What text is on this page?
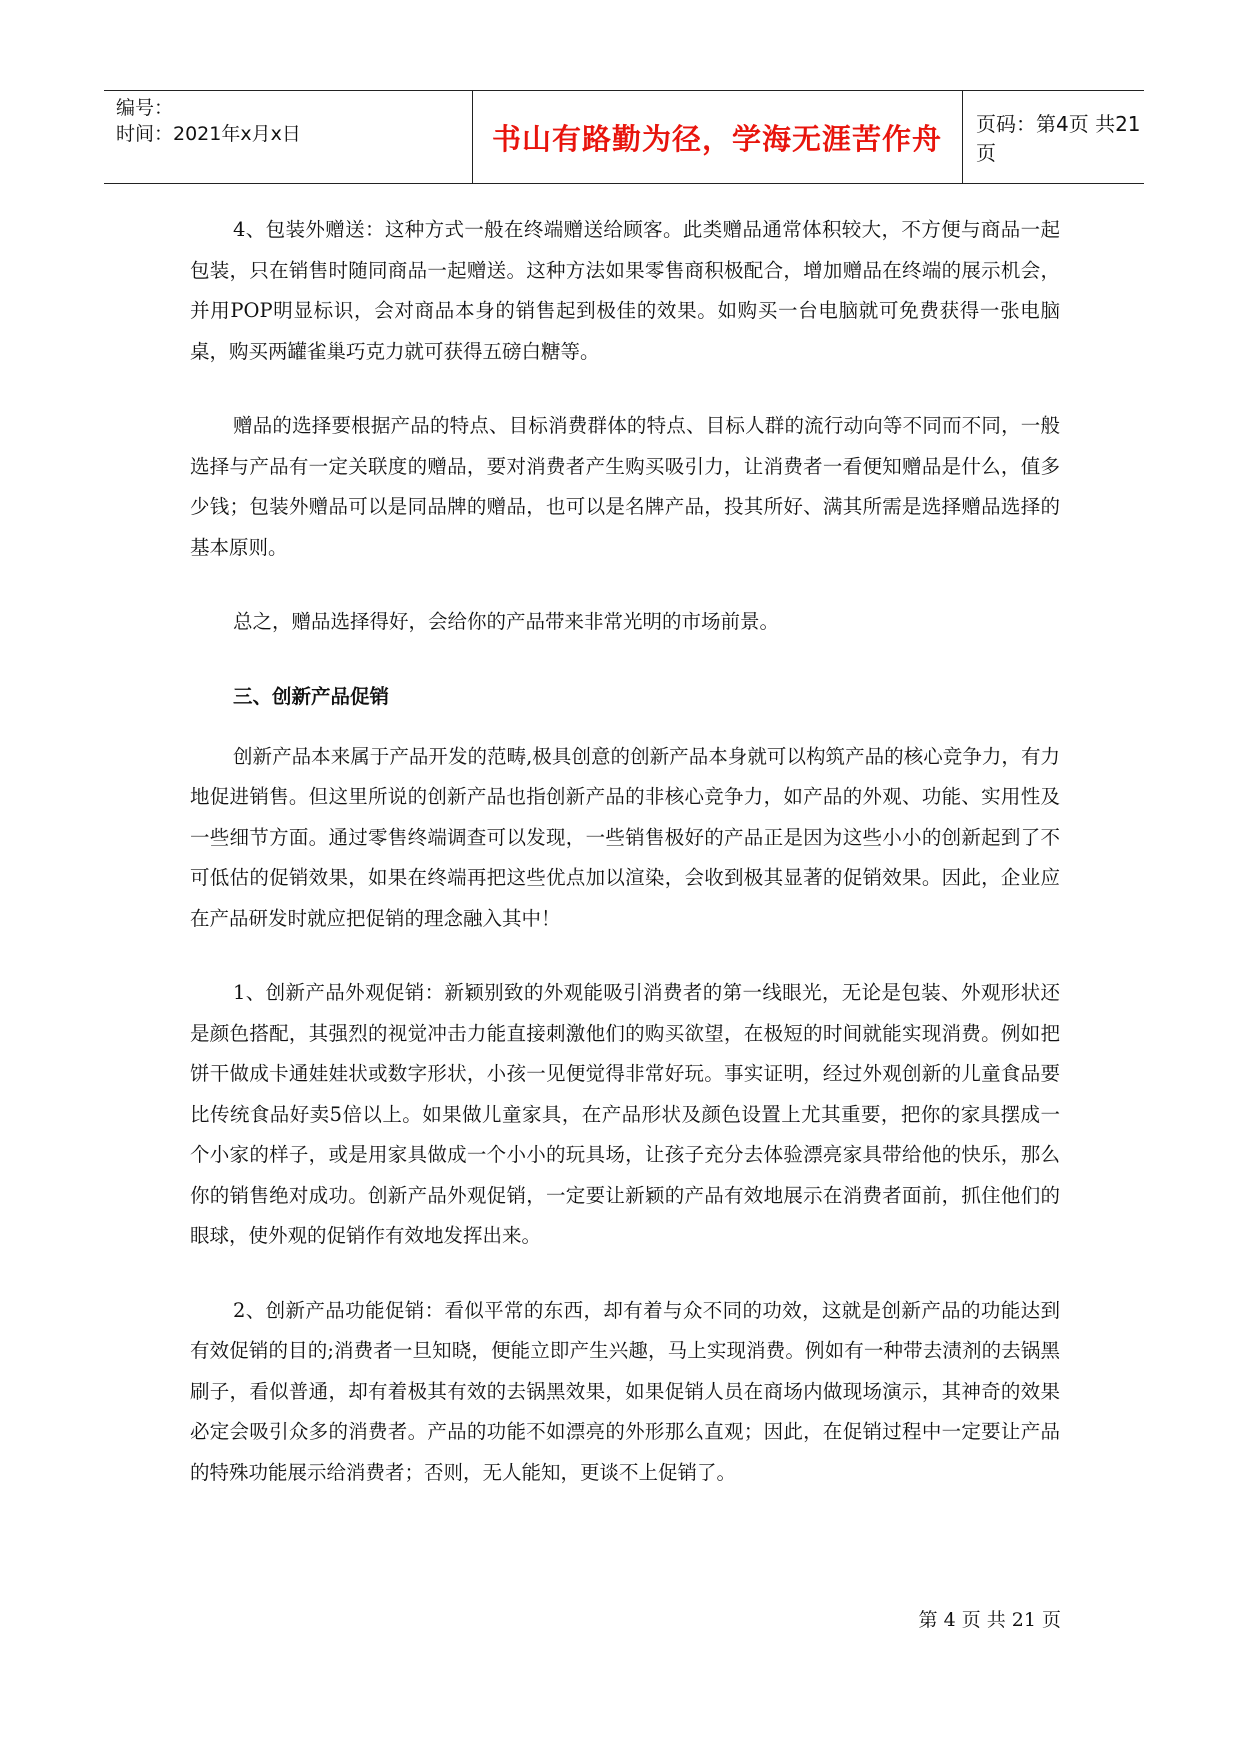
编号：
时间：2021年x月x日	书山有路勤为径，学海无涯苦作舟	页码：第4页 共21页

4、包装外赠送：这种方式一般在终端赠送给顾客。此类赠品通常体积较大，不方便与商品一起包装，只在销售时随同商品一起赠送。这种方法如果零售商积极配合，增加赠品在终端的展示机会，并用POP明显标识，会对商品本身的销售起到极佳的效果。如购买一台电脑就可免费获得一张电脑桌，购买两罐雀巢巧克力就可获得五磅白糖等。

赠品的选择要根据产品的特点、目标消费群体的特点、目标人群的流行动向等不同而不同，一般选择与产品有一定关联度的赠品，要对消费者产生购买吸引力，让消费者一看便知赠品是什么，值多少钱；包装外赠品可以是同品牌的赠品，也可以是名牌产品，投其所好、满其所需是选择赠品选择的基本原则。

总之，赠品选择得好，会给你的产品带来非常光明的市场前景。

三、创新产品促销

创新产品本来属于产品开发的范畴,极具创意的创新产品本身就可以构筑产品的核心竞争力，有力地促进销售。但这里所说的创新产品也指创新产品的非核心竞争力，如产品的外观、功能、实用性及一些细节方面。通过零售终端调查可以发现，一些销售极好的产品正是因为这些小小的创新起到了不可低估的促销效果，如果在终端再把这些优点加以渲染，会收到极其显著的促销效果。因此，企业应在产品研发时就应把促销的理念融入其中！

1、创新产品外观促销：新颖别致的外观能吸引消费者的第一线眼光，无论是包装、外观形状还是颜色搭配，其强烈的视觉冲击力能直接刺激他们的购买欲望，在极短的时间就能实现消费。例如把饼干做成卡通娃娃状或数字形状，小孩一见便觉得非常好玩。事实证明，经过外观创新的儿童食品要比传统食品好卖5倍以上。如果做儿童家具，在产品形状及颜色设置上尤其重要，把你的家具摆成一个小家的样子，或是用家具做成一个小小的玩具场，让孩子充分去体验漂亮家具带给他的快乐，那么你的销售绝对成功。创新产品外观促销，一定要让新颖的产品有效地展示在消费者面前，抓住他们的眼球，使外观的促销作有效地发挥出来。

2、创新产品功能促销：看似平常的东西，却有着与众不同的功效，这就是创新产品的功能达到有效促销的目的;消费者一旦知晓，便能立即产生兴趣，马上实现消费。例如有一种带去渍剂的去锅黑刷子，看似普通，却有着极其有效的去锅黑效果，如果促销人员在商场内做现场演示，其神奇的效果必定会吸引众多的消费者。产品的功能不如漂亮的外形那么直观；因此，在促销过程中一定要让产品的特殊功能展示给消费者；否则，无人能知，更谈不上促销了。

第 4 页 共 21 页
